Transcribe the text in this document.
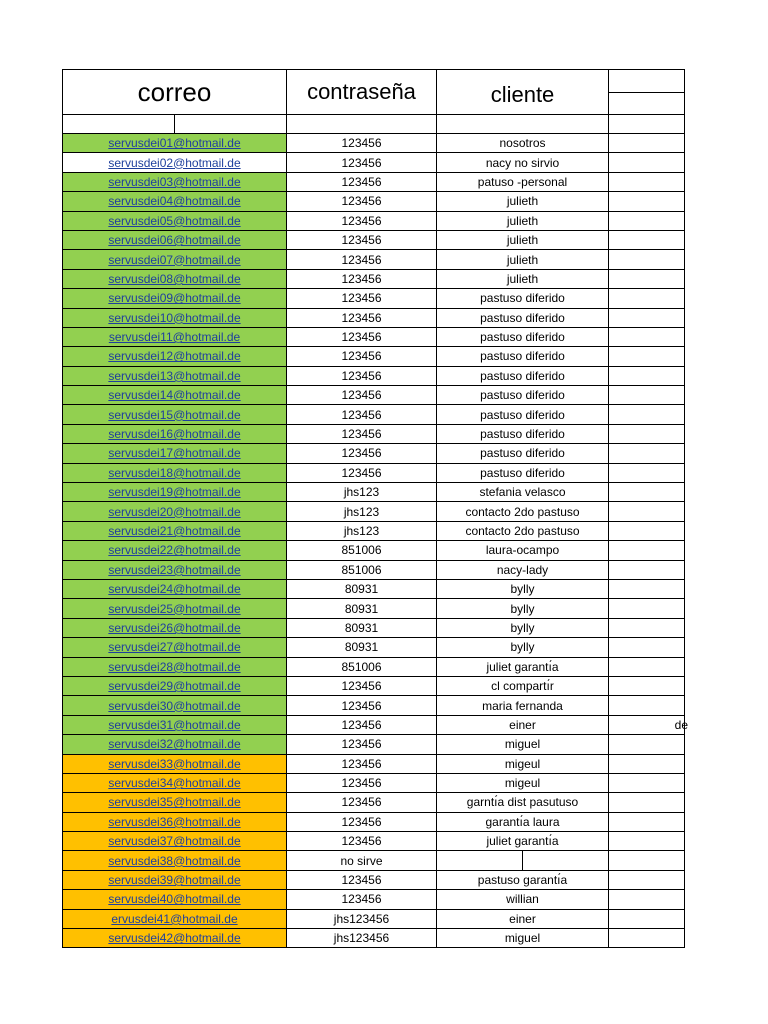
correo	contraseña	cliente	

servusdei01@hotmail.de	123456	nosotros	
servusdei02@hotmail.de	123456	nacy no sirvio	
servusdei03@hotmail.de	123456	patuso -personal	
servusdei04@hotmail.de	123456	julieth	
servusdei05@hotmail.de	123456	julieth	
servusdei06@hotmail.de	123456	julieth	
servusdei07@hotmail.de	123456	julieth	
servusdei08@hotmail.de	123456	julieth	
servusdei09@hotmail.de	123456	pastuso diferido	
servusdei10@hotmail.de	123456	pastuso diferido	
servusdei11@hotmail.de	123456	pastuso diferido	
servusdei12@hotmail.de	123456	pastuso diferido	
servusdei13@hotmail.de	123456	pastuso diferido	
servusdei14@hotmail.de	123456	pastuso diferido	
servusdei15@hotmail.de	123456	pastuso diferido	
servusdei16@hotmail.de	123456	pastuso diferido	
servusdei17@hotmail.de	123456	pastuso diferido	
servusdei18@hotmail.de	123456	pastuso diferido	
servusdei19@hotmail.de	jhs123	stefania velasco	
servusdei20@hotmail.de	jhs123	contacto 2do pastuso	
servusdei21@hotmail.de	jhs123	contacto 2do pastuso	
servusdei22@hotmail.de	851006	laura-ocampo	
servusdei23@hotmail.de	851006	nacy-lady	
servusdei24@hotmail.de	80931	bylly	
servusdei25@hotmail.de	80931	bylly	
servusdei26@hotmail.de	80931	bylly	
servusdei27@hotmail.de	80931	bylly	
servusdei28@hotmail.de	851006	juliet garantı́a	
servusdei29@hotmail.de	123456	cl compartı́r	
servusdei30@hotmail.de	123456	maria fernanda	
servusdei31@hotmail.de	123456	einer	de

servusdei32@hotmail.de	123456	miguel	
servusdei33@hotmail.de	123456	migeul	
servusdei34@hotmail.de	123456	migeul	
servusdei35@hotmail.de	123456	garntı́a dist pasutuso	
servusdei36@hotmail.de	123456	garantı́a laura	
servusdei37@hotmail.de	123456	juliet garantı́a	
servusdei38@hotmail.de	no sirve	

servusdei39@hotmail.de	123456	pastuso garantı́a	
servusdei40@hotmail.de	123456	willian	
ervusdei41@hotmail.de	jhs123456	einer	
servusdei42@hotmail.de	jhs123456	miguel	
